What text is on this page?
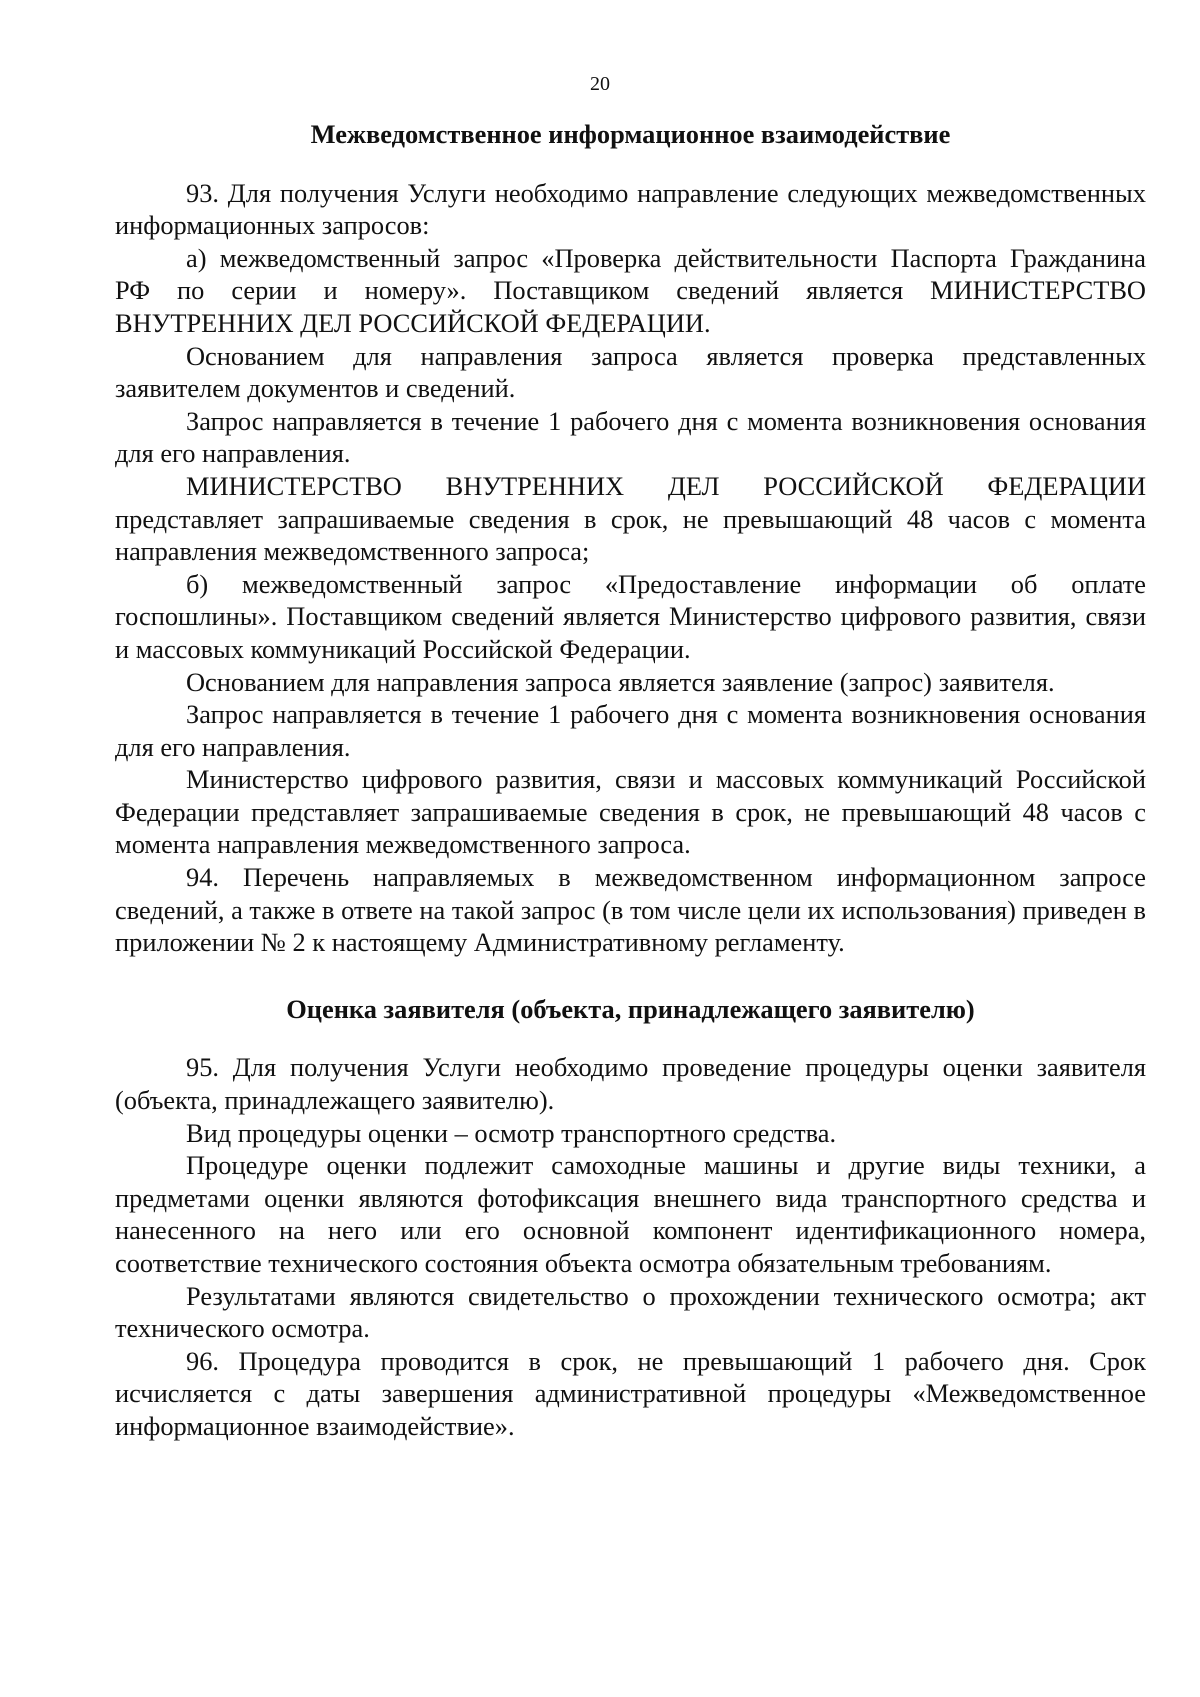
20
Межведомственное информационное взаимодействие

93. Для получения Услуги необходимо направление следующих межведомственных информационных запросов:

а) межведомственный запрос «Проверка действительности Паспорта Гражданина РФ по серии и номеру». Поставщиком сведений является МИНИСТЕРСТВО ВНУТРЕННИХ ДЕЛ РОССИЙСКОЙ ФЕДЕРАЦИИ.

Основанием для направления запроса является проверка представленных заявителем документов и сведений.

Запрос направляется в течение 1 рабочего дня с момента возникновения основания для его направления.

МИНИСТЕРСТВО ВНУТРЕННИХ ДЕЛ РОССИЙСКОЙ ФЕДЕРАЦИИ представляет запрашиваемые сведения в срок, не превышающий 48 часов с момента направления межведомственного запроса;

б) межведомственный запрос «Предоставление информации об оплате госпошлины». Поставщиком сведений является Министерство цифрового развития, связи и массовых коммуникаций Российской Федерации.

Основанием для направления запроса является заявление (запрос) заявителя.

Запрос направляется в течение 1 рабочего дня с момента возникновения основания для его направления.

Министерство цифрового развития, связи и массовых коммуникаций Российской Федерации представляет запрашиваемые сведения в срок, не превышающий 48 часов с момента направления межведомственного запроса.

94. Перечень направляемых в межведомственном информационном запросе сведений, а также в ответе на такой запрос (в том числе цели их использования) приведен в приложении № 2 к настоящему Административному регламенту.

Оценка заявителя (объекта, принадлежащего заявителю)

95. Для получения Услуги необходимо проведение процедуры оценки заявителя (объекта, принадлежащего заявителю).

Вид процедуры оценки – осмотр транспортного средства.

Процедуре оценки подлежит самоходные машины и другие виды техники, а предметами оценки являются фотофиксация внешнего вида транспортного средства и нанесенного на него или его основной компонент идентификационного номера, соответствие технического состояния объекта осмотра обязательным требованиям.

Результатами являются свидетельство о прохождении технического осмотра; акт технического осмотра.

96. Процедура проводится в срок, не превышающий 1 рабочего дня. Срок исчисляется с даты завершения административной процедуры «Межведомственное информационное взаимодействие».
